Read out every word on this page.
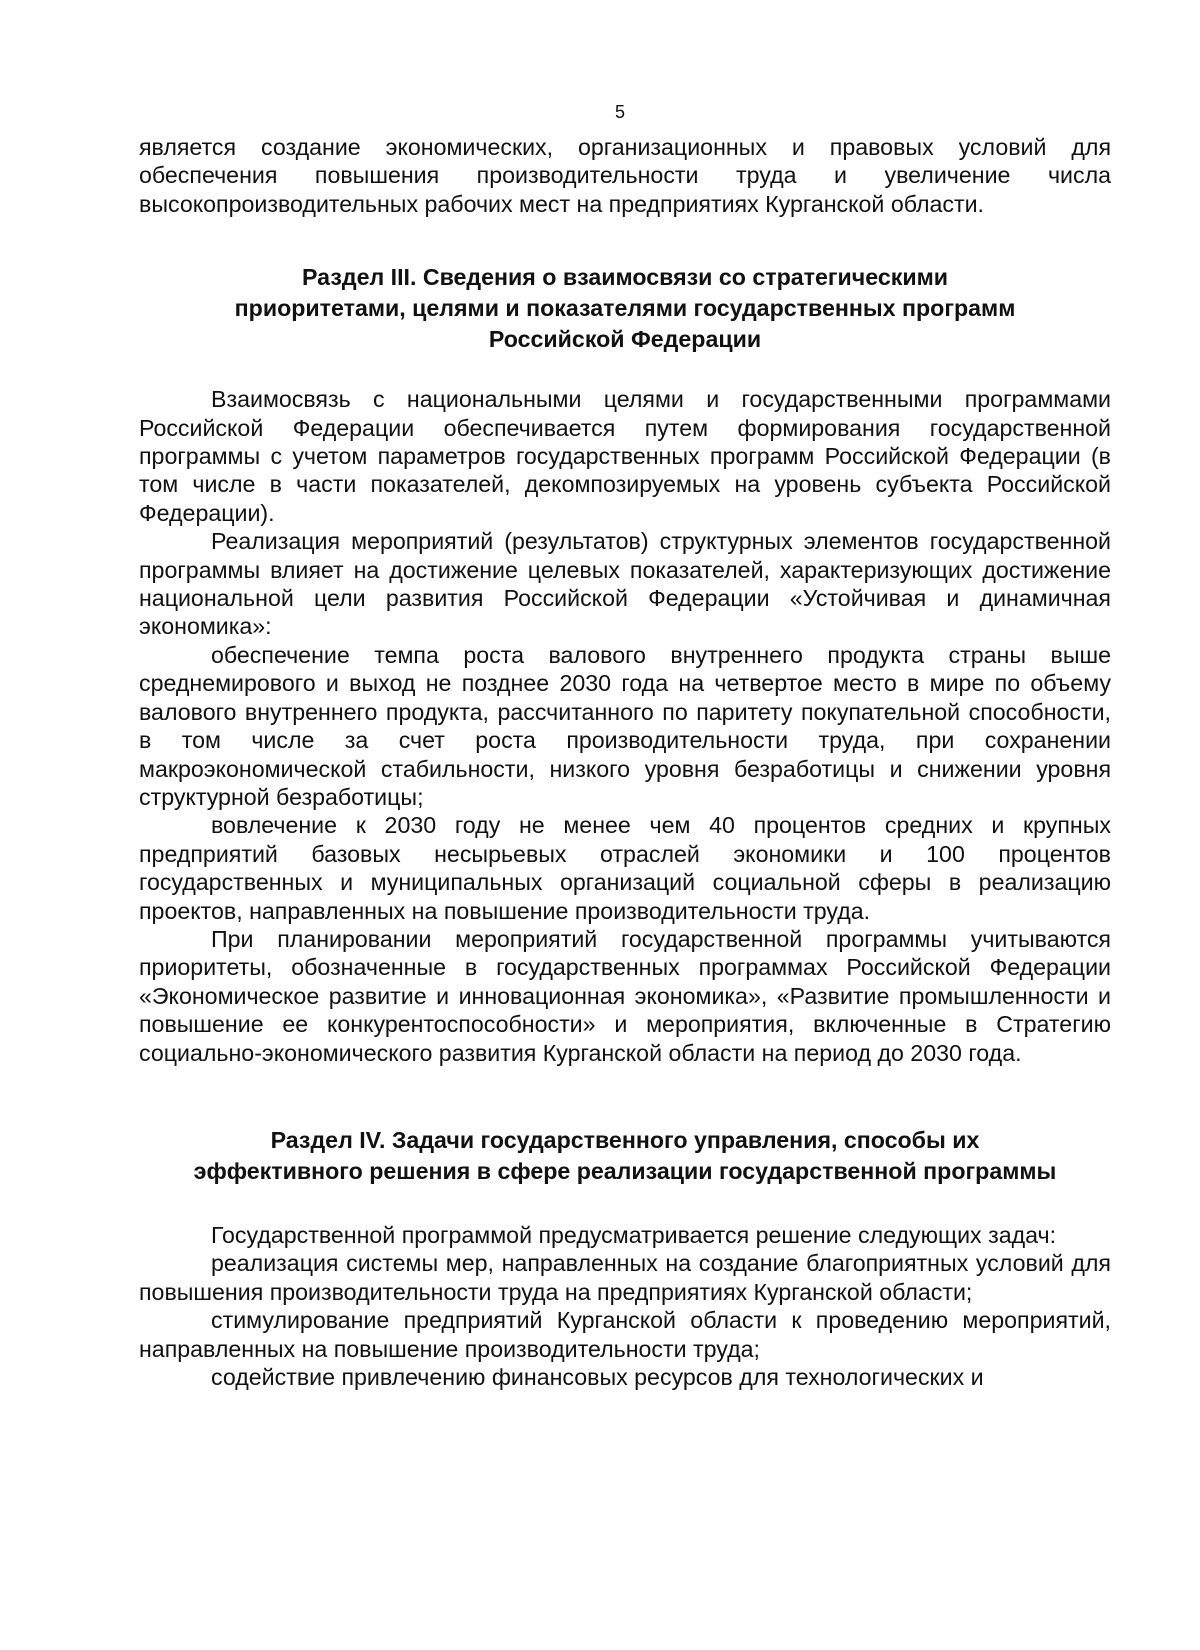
5

является создание экономических, организационных и правовых условий для обеспечения повышения производительности труда и увеличение числа высокопроизводительных рабочих мест на предприятиях Курганской области.

Раздел III. Сведения о взаимосвязи со стратегическими
приоритетами, целями и показателями государственных программ
Российской Федерации

Взаимосвязь с национальными целями и государственными программами Российской Федерации обеспечивается путем формирования государственной программы с учетом параметров государственных программ Российской Федерации (в том числе в части показателей, декомпозируемых на уровень субъекта Российской Федерации).

Реализация мероприятий (результатов) структурных элементов государственной программы влияет на достижение целевых показателей, характеризующих достижение национальной цели развития Российской Федерации «Устойчивая и динамичная экономика»:

обеспечение темпа роста валового внутреннего продукта страны выше среднемирового и выход не позднее 2030 года на четвертое место в мире по объему валового внутреннего продукта, рассчитанного по паритету покупательной способности, в том числе за счет роста производительности труда, при сохранении макроэкономической стабильности, низкого уровня безработицы и снижении уровня структурной безработицы;

вовлечение к 2030 году не менее чем 40 процентов средних и крупных предприятий базовых несырьевых отраслей экономики и 100 процентов государственных и муниципальных организаций социальной сферы в реализацию проектов, направленных на повышение производительности труда.

При планировании мероприятий государственной программы учитываются приоритеты, обозначенные в государственных программах Российской Федерации «Экономическое развитие и инновационная экономика», «Развитие промышленности и повышение ее конкурентоспособности» и мероприятия, включенные в Стратегию социально-экономического развития Курганской области на период до 2030 года.

Раздел IV. Задачи государственного управления, способы их
эффективного решения в сфере реализации государственной программы

Государственной программой предусматривается решение следующих задач:

реализация системы мер, направленных на создание благоприятных условий для повышения производительности труда на предприятиях Курганской области;

стимулирование предприятий Курганской области к проведению мероприятий, направленных на повышение производительности труда;

содействие привлечению финансовых ресурсов для технологических и
